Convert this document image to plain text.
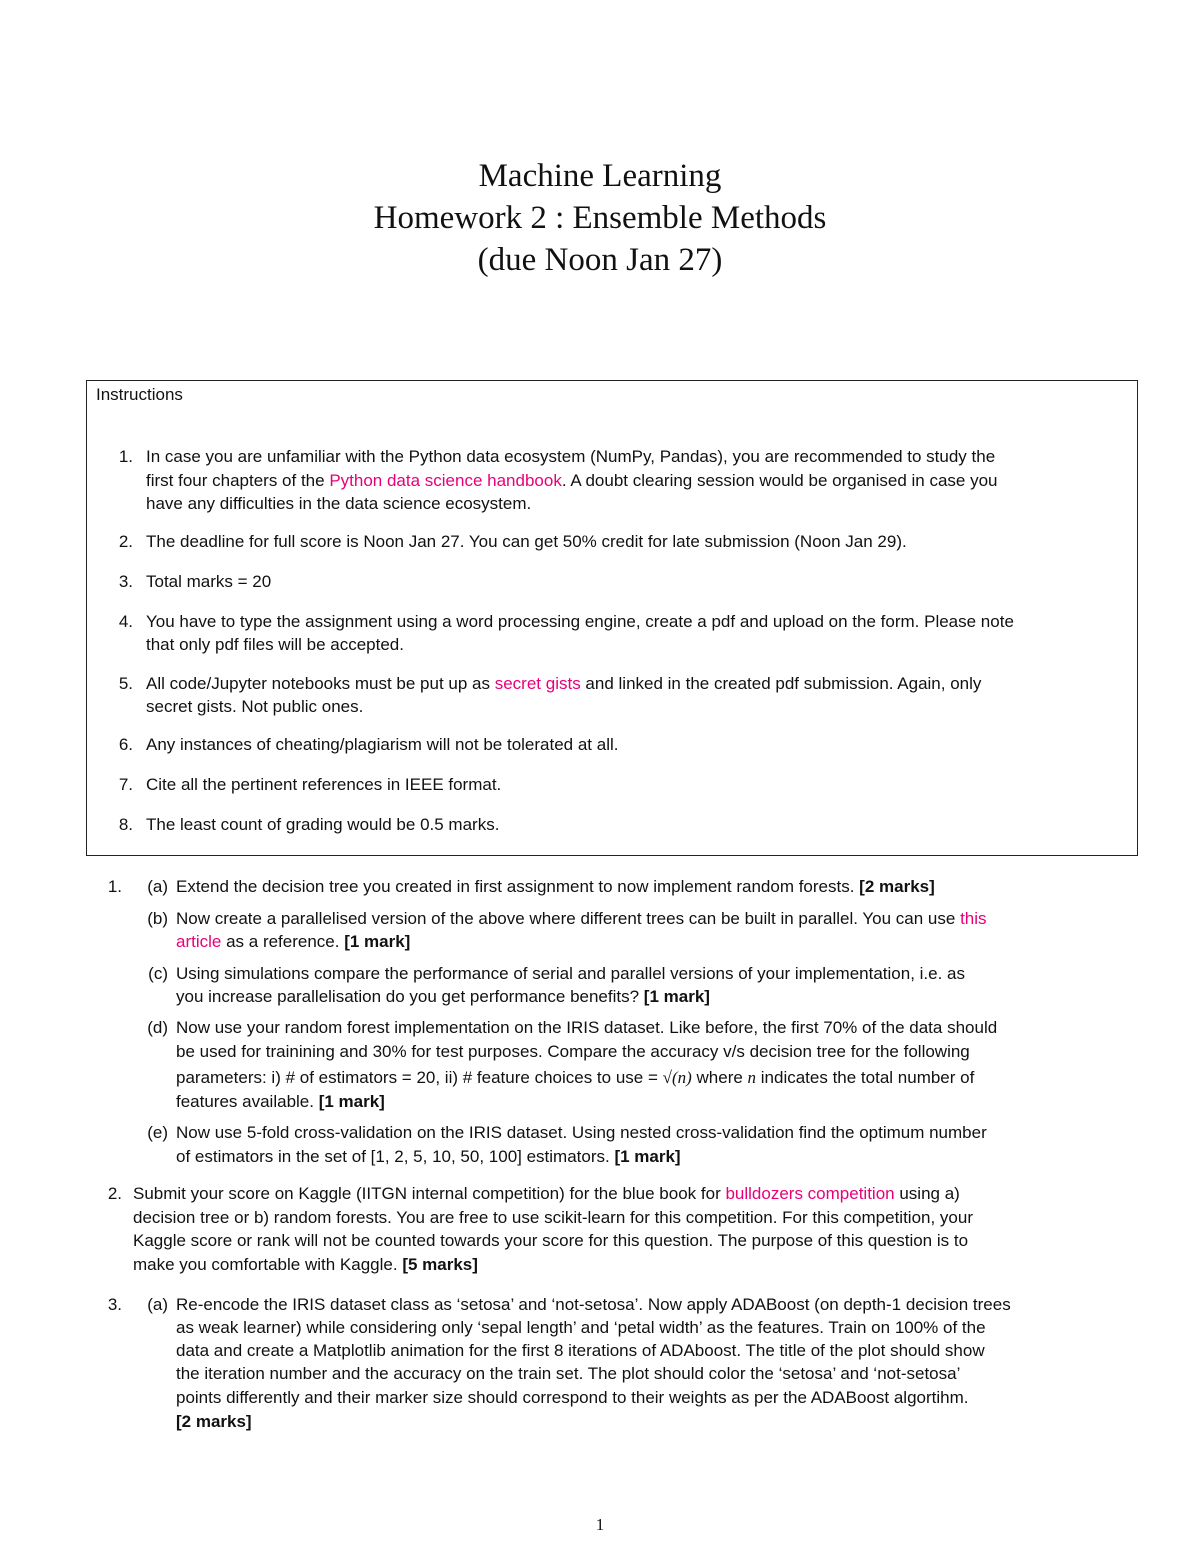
Machine Learning
Homework 2 : Ensemble Methods
(due Noon Jan 27)
Instructions
1. In case you are unfamiliar with the Python data ecosystem (NumPy, Pandas), you are recommended to study the
first four chapters of the Python data science handbook. A doubt clearing session would be organised in case you
have any difficulties in the data science ecosystem.
2. The deadline for full score is Noon Jan 27. You can get 50% credit for late submission (Noon Jan 29).
3. Total marks = 20
4. You have to type the assignment using a word processing engine, create a pdf and upload on the form. Please note
that only pdf files will be accepted.
5. All code/Jupyter notebooks must be put up as secret gists and linked in the created pdf submission. Again, only
secret gists. Not public ones.
6. Any instances of cheating/plagiarism will not be tolerated at all.
7. Cite all the pertinent references in IEEE format.
8. The least count of grading would be 0.5 marks.
1.	(a) Extend the decision tree you created in first assignment to now implement random forests. [2 marks]
(b) Now create a parallelised version of the above where different trees can be built in parallel. You can use this
article as a reference. [1 mark]
(c) Using simulations compare the performance of serial and parallel versions of your implementation, i.e. as
you increase parallelisation do you get performance benefits? [1 mark]
(d) Now use your random forest implementation on the IRIS dataset. Like before, the first 70% of the data should
be used for trainining and 30% for test purposes. Compare the accuracy v/s decision tree for the following
parameters: i) # of estimators = 20, ii) # feature choices to use = √(n) where n indicates the total number of
features available. [1 mark]
(e) Now use 5-fold cross-validation on the IRIS dataset. Using nested cross-validation find the optimum number
of estimators in the set of [1, 2, 5, 10, 50, 100] estimators. [1 mark]
2. Submit your score on Kaggle (IITGN internal competition) for the blue book for bulldozers competition using a)
decision tree or b) random forests. You are free to use scikit-learn for this competition. For this competition, your
Kaggle score or rank will not be counted towards your score for this question. The purpose of this question is to
make you comfortable with Kaggle. [5 marks]
3.	(a) Re-encode the IRIS dataset class as ‘setosa’ and ‘not-setosa’. Now apply ADABoost (on depth-1 decision trees
as weak learner) while considering only ‘sepal length’ and ‘petal width’ as the features. Train on 100% of the
data and create a Matplotlib animation for the first 8 iterations of ADAboost. The title of the plot should show
the iteration number and the accuracy on the train set. The plot should color the ‘setosa’ and ‘not-setosa’
points differently and their marker size should correspond to their weights as per the ADABoost algortihm.
[2 marks]
1
